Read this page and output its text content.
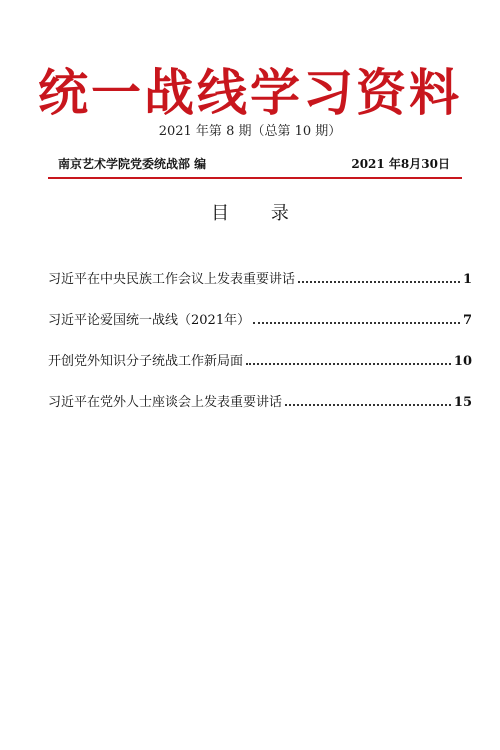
统一战线学习资料
2021 年第 8 期（总第 10 期）
南京艺术学院党委统战部 编	2021 年8月30日
目 录
习近平在中央民族工作会议上发表重要讲话	1
习近平论爱国统一战线（2021年）	7
开创党外知识分子统战工作新局面	10
习近平在党外人士座谈会上发表重要讲话	15
